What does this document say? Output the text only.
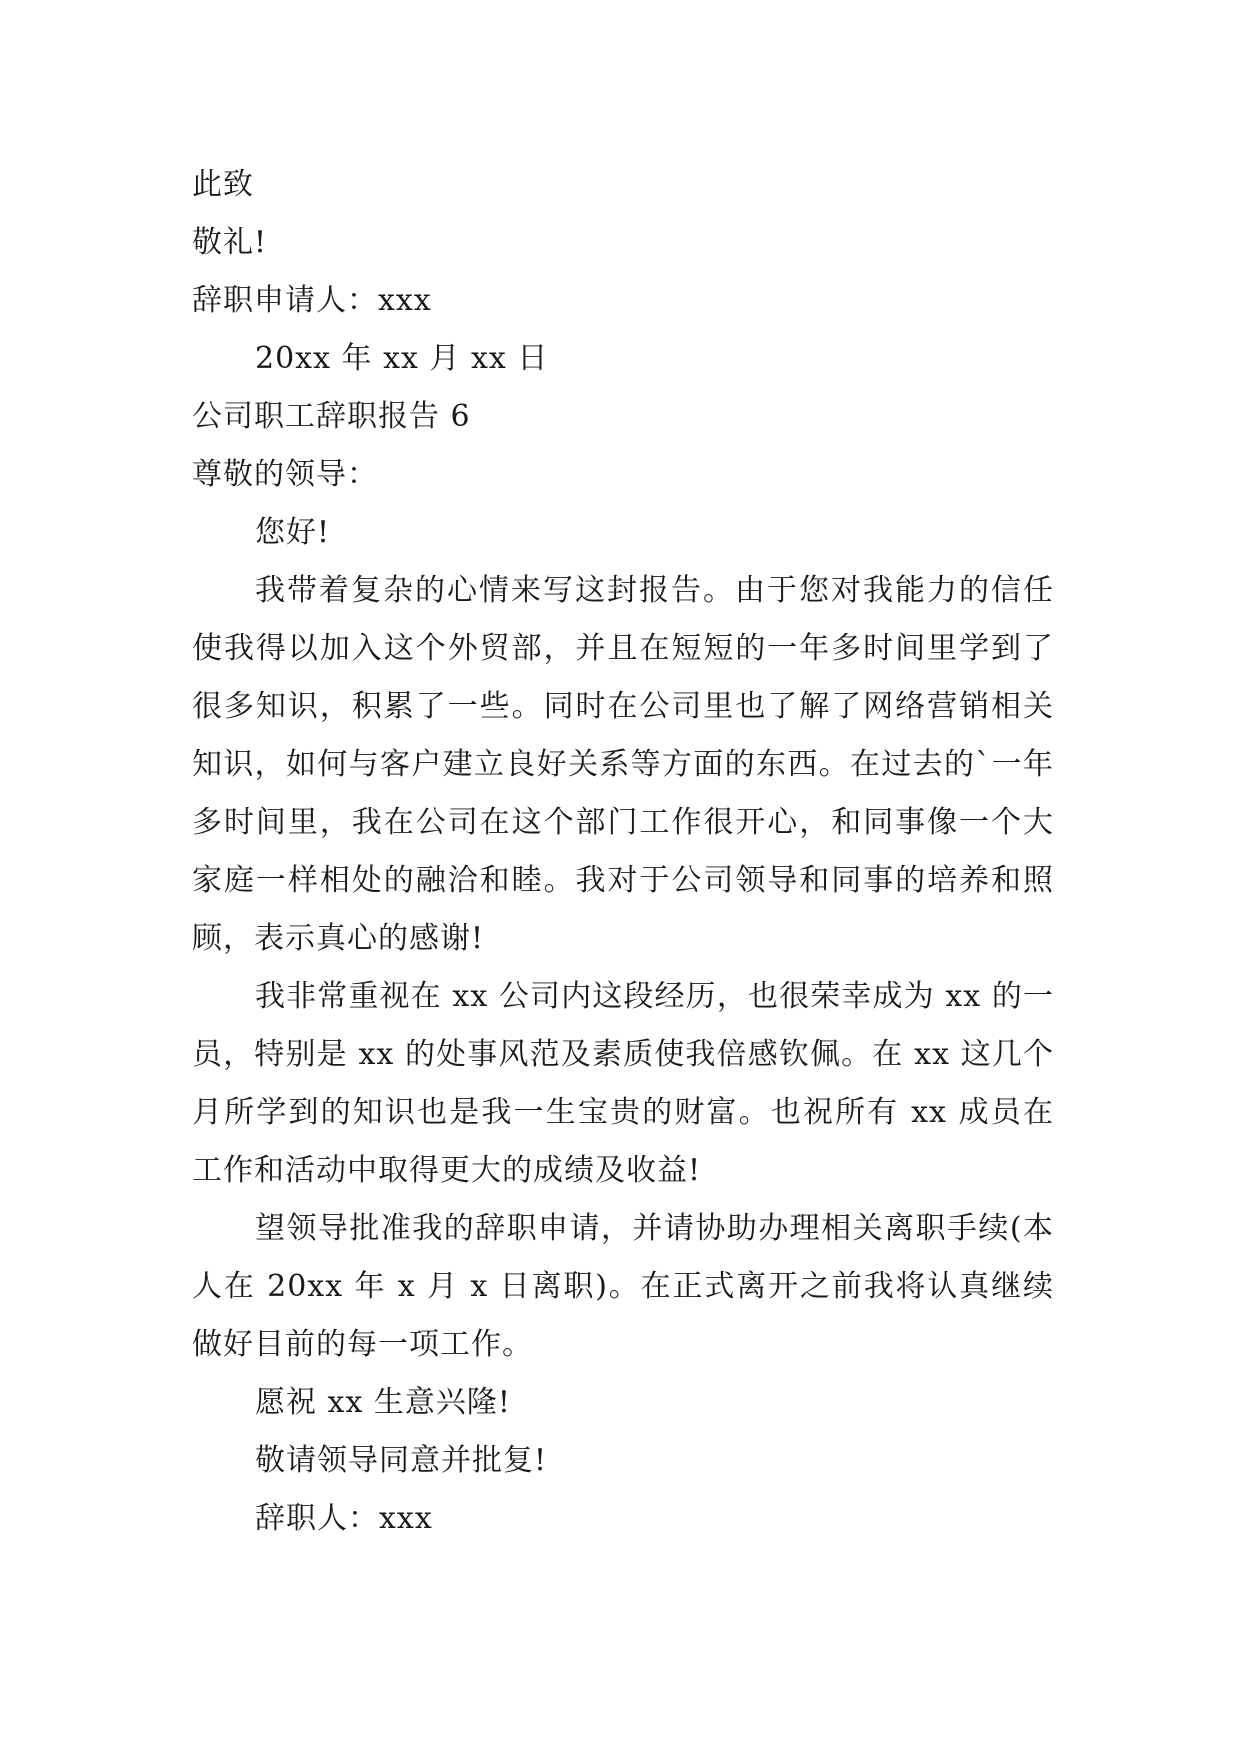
此致

敬礼!

辞职申请人：xxx

20xx 年 xx 月 xx 日

公司职工辞职报告 6

尊敬的领导：

您好!

我带着复杂的心情来写这封报告。由于您对我能力的信任使我得以加入这个外贸部，并且在短短的一年多时间里学到了很多知识，积累了一些。同时在公司里也了解了网络营销相关知识，如何与客户建立良好关系等方面的东西。在过去的`一年多时间里，我在公司在这个部门工作很开心，和同事像一个大家庭一样相处的融洽和睦。我对于公司领导和同事的培养和照顾，表示真心的感谢!

我非常重视在 xx 公司内这段经历，也很荣幸成为 xx 的一员，特别是 xx 的处事风范及素质使我倍感钦佩。在 xx 这几个月所学到的知识也是我一生宝贵的财富。也祝所有 xx 成员在工作和活动中取得更大的成绩及收益!

望领导批准我的辞职申请，并请协助办理相关离职手续(本人在 20xx 年 x 月 x 日离职)。在正式离开之前我将认真继续做好目前的每一项工作。

愿祝 xx 生意兴隆!

敬请领导同意并批复!

辞职人：xxx
